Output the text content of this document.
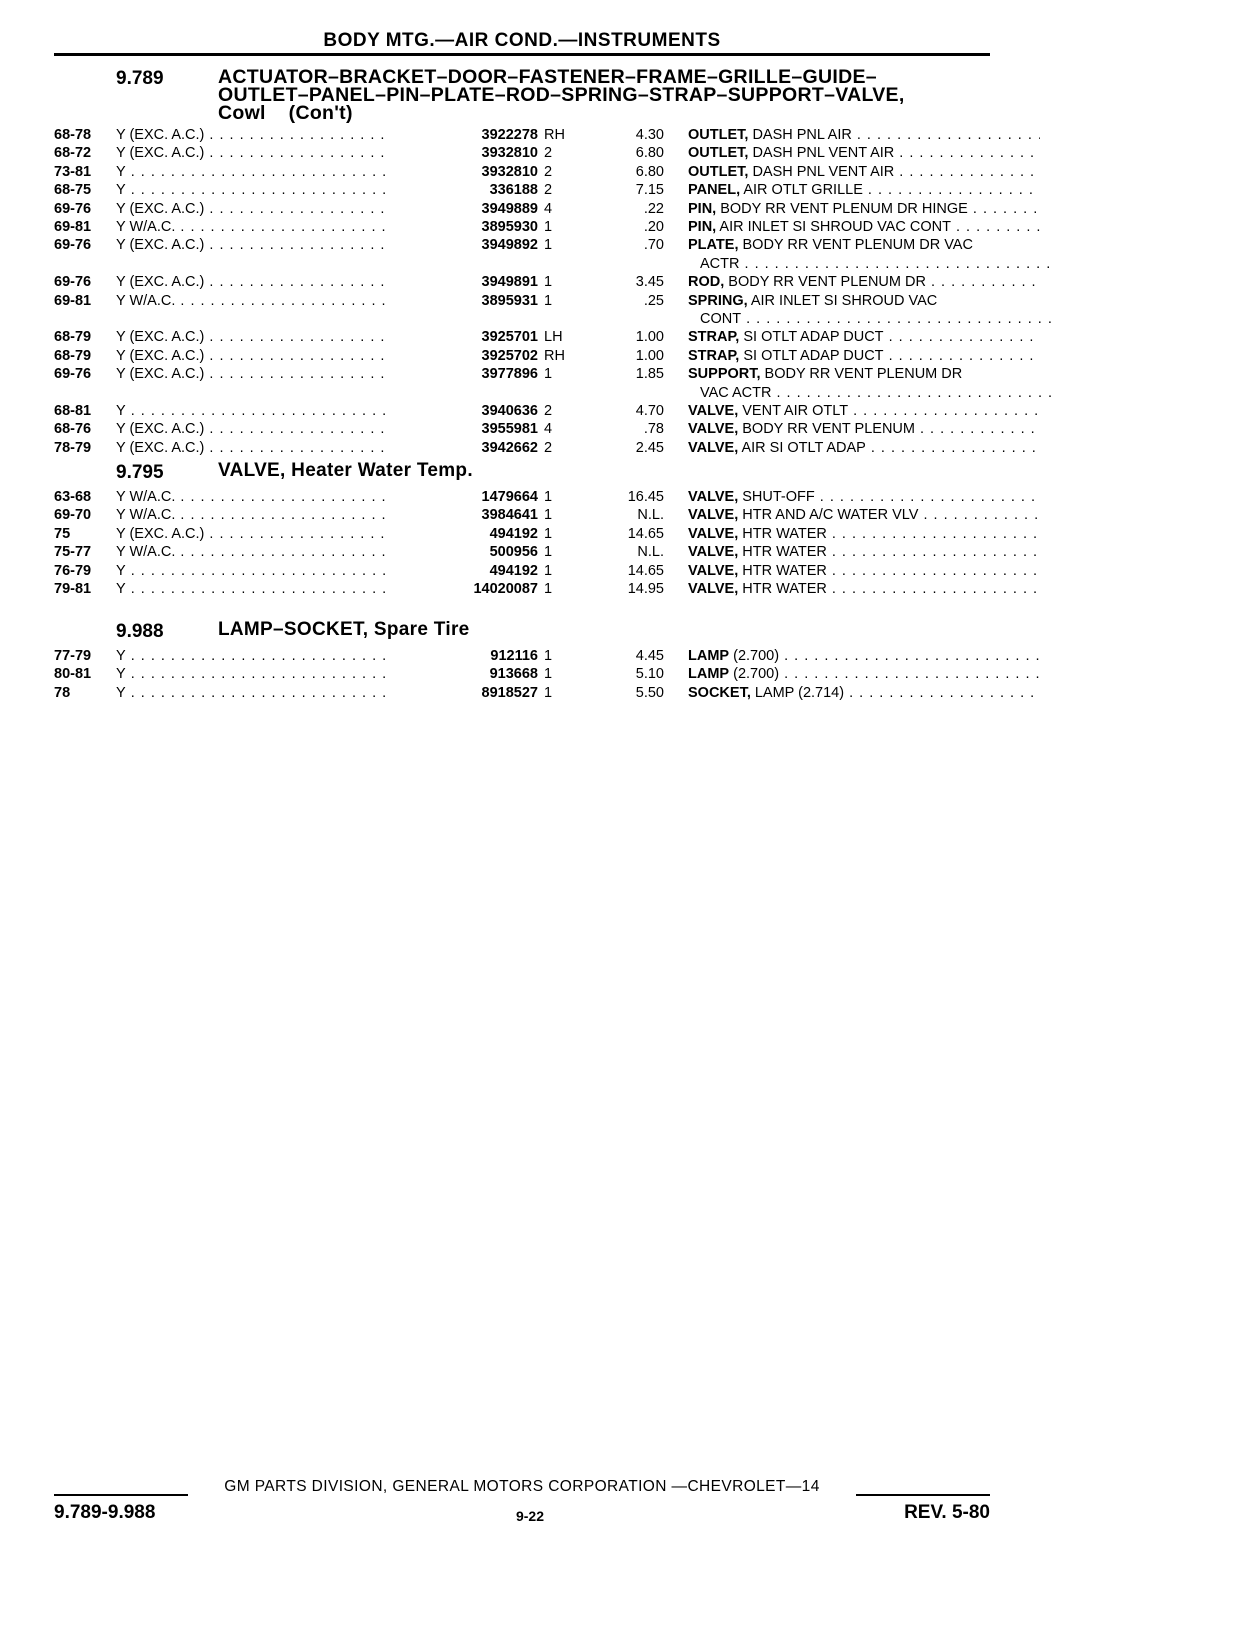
BODY MTG.—AIR COND.—INSTRUMENTS
9.789	ACTUATOR–BRACKET–DOOR–FASTENER–FRAME–GRILLE–GUIDE–
OUTLET–PANEL–PIN–PLATE–ROD–SPRING–STRAP–SUPPORT–VALVE,
Cowl    (Con't)
68-78	Y (EXC. A.C.) . . .	3922278 RH	4.30 OUTLET, DASH PNL AIR . . .
68-72	Y (EXC. A.C.) . . .	3932810 2	6.80 OUTLET, DASH PNL VENT AIR . . .
73-81	Y . . .	3932810 2	6.80 OUTLET, DASH PNL VENT AIR . . .
68-75	Y . . .	336188 2	7.15 PANEL, AIR OTLT GRILLE . . .
69-76	Y (EXC. A.C.) . . .	3949889 4	.22 PIN, BODY RR VENT PLENUM DR HINGE . . .
69-81	Y W/A.C. . . .	3895930 1	.20 PIN, AIR INLET SI SHROUD VAC CONT . . .
69-76	Y (EXC. A.C.) . . .	3949892 1	.70 PLATE, BODY RR VENT PLENUM DR VAC
ACTR . . .
69-76	Y (EXC. A.C.) . . .	3949891 1	3.45 ROD, BODY RR VENT PLENUM DR . . .
69-81	Y W/A.C. . . .	3895931 1	.25 SPRING, AIR INLET SI SHROUD VAC
CONT . . .
68-79	Y (EXC. A.C.) . . .	3925701 LH	1.00 STRAP, SI OTLT ADAP DUCT . . .
68-79	Y (EXC. A.C.) . . .	3925702 RH	1.00 STRAP, SI OTLT ADAP DUCT . . .
69-76	Y (EXC. A.C.) . . .	3977896 1	1.85 SUPPORT, BODY RR VENT PLENUM DR
VAC ACTR . . .
68-81	Y . . .	3940636 2	4.70 VALVE, VENT AIR OTLT . . .
68-76	Y (EXC. A.C.) . . .	3955981 4	.78 VALVE, BODY RR VENT PLENUM . . .
78-79	Y (EXC. A.C.) . . .	3942662 2	2.45 VALVE, AIR SI OTLT ADAP . . .
9.795	VALVE, Heater Water Temp.
63-68	Y W/A.C. . . .	1479664 1	16.45 VALVE, SHUT-OFF . . .
69-70	Y W/A.C. . . .	3984641 1	N.L. VALVE, HTR AND A/C WATER VLV . . .
75	Y (EXC. A.C.) . . .	494192 1	14.65 VALVE, HTR WATER . . .
75-77	Y W/A.C. . . .	500956 1	N.L. VALVE, HTR WATER . . .
76-79	Y . . .	494192 1	14.65 VALVE, HTR WATER . . .
79-81	Y . . .	14020087 1	14.95 VALVE, HTR WATER . . .
9.988	LAMP–SOCKET, Spare Tire
77-79	Y . . .	912116 1	4.45 LAMP (2.700) . . .
80-81	Y . . .	913668 1	5.10 LAMP (2.700) . . .
78	Y . . .	8918527 1	5.50 SOCKET, LAMP (2.714) . . .
GM PARTS DIVISION, GENERAL MOTORS CORPORATION —CHEVROLET—14
9.789-9.988	9-22	REV. 5-80
